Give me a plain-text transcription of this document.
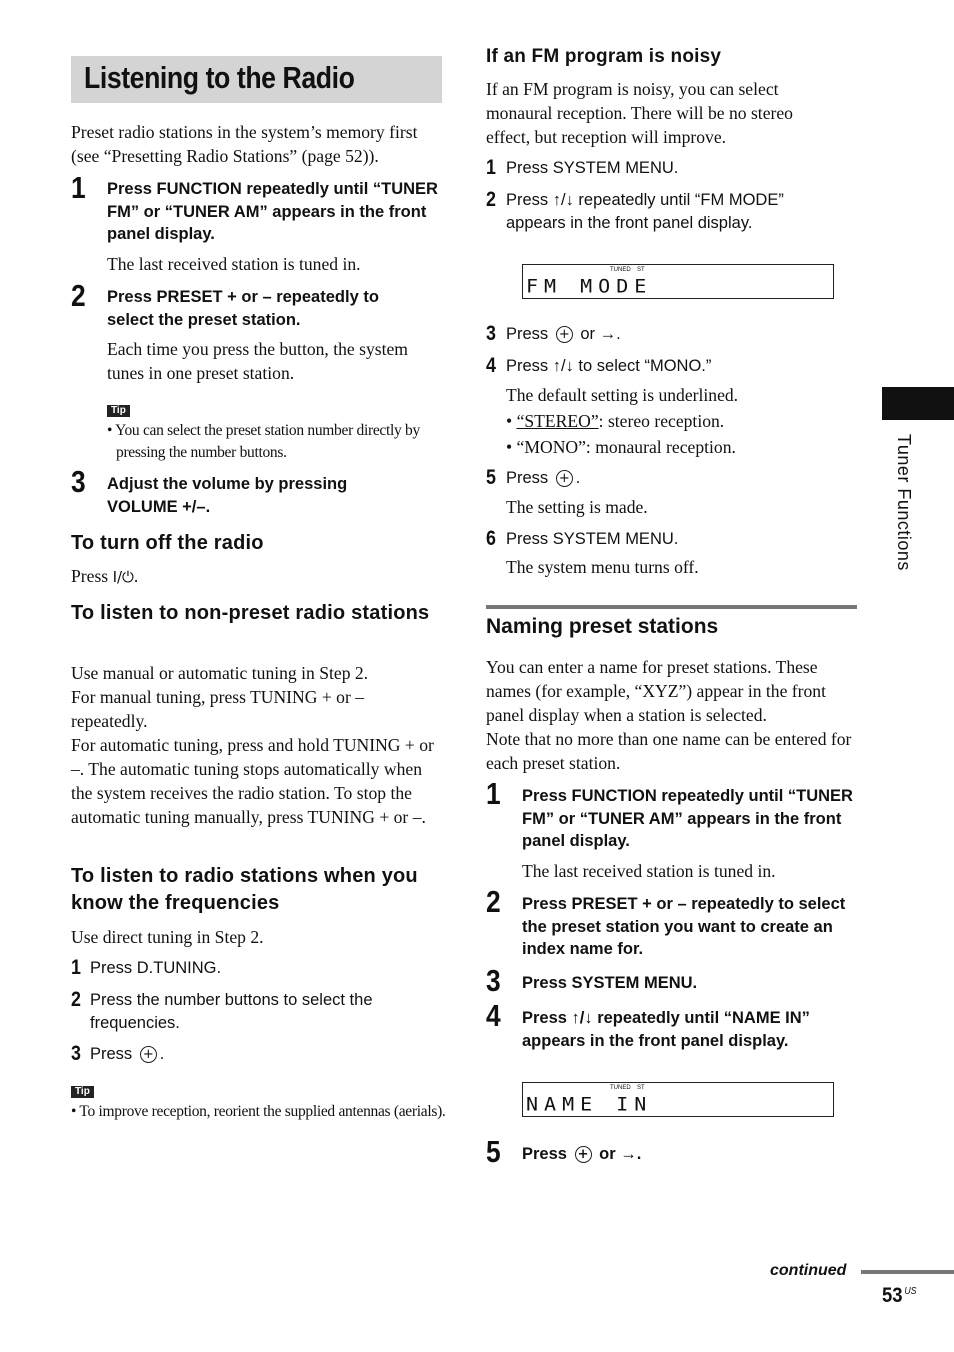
Listening to the Radio
Preset radio stations in the system’s memory first (see “Presetting Radio Stations” (page 52)).
1 Press FUNCTION repeatedly until “TUNER FM” or “TUNER AM” appears in the front panel display.
The last received station is tuned in.
2 Press PRESET + or – repeatedly to select the preset station.
Each time you press the button, the system tunes in one preset station.
Tip
• You can select the preset station number directly by pressing the number buttons.
3 Adjust the volume by pressing VOLUME +/–.
To turn off the radio
Press I/⏻.
To listen to non-preset radio stations
Use manual or automatic tuning in Step 2.
For manual tuning, press TUNING + or – repeatedly.
For automatic tuning, press and hold TUNING + or –. The automatic tuning stops automatically when the system receives the radio station. To stop the automatic tuning manually, press TUNING + or –.
To listen to radio stations when you know the frequencies
Use direct tuning in Step 2.
1 Press D.TUNING.
2 Press the number buttons to select the frequencies.
3 Press + .
Tip
• To improve reception, reorient the supplied antennas (aerials).
If an FM program is noisy
If an FM program is noisy, you can select monaural reception. There will be no stereo effect, but reception will improve.
1 Press SYSTEM MENU.
2 Press ↑/↓ repeatedly until “FM MODE” appears in the front panel display.
TUNED ST
FM MODE
3 Press + or →.
4 Press ↑/↓ to select “MONO.”
The default setting is underlined.
• “STEREO”: stereo reception.
• “MONO”: monaural reception.
5 Press + .
The setting is made.
6 Press SYSTEM MENU.
The system menu turns off.
Naming preset stations
You can enter a name for preset stations. These names (for example, “XYZ”) appear in the front panel display when a station is selected.
Note that no more than one name can be entered for each preset station.
1 Press FUNCTION repeatedly until “TUNER FM” or “TUNER AM” appears in the front panel display.
The last received station is tuned in.
2 Press PRESET + or – repeatedly to select the preset station you want to create an index name for.
3 Press SYSTEM MENU.
4 Press ↑/↓ repeatedly until “NAME IN” appears in the front panel display.
TUNED ST
NAME IN
5 Press + or →.
Tuner Functions
continued
53 $^{US}$
